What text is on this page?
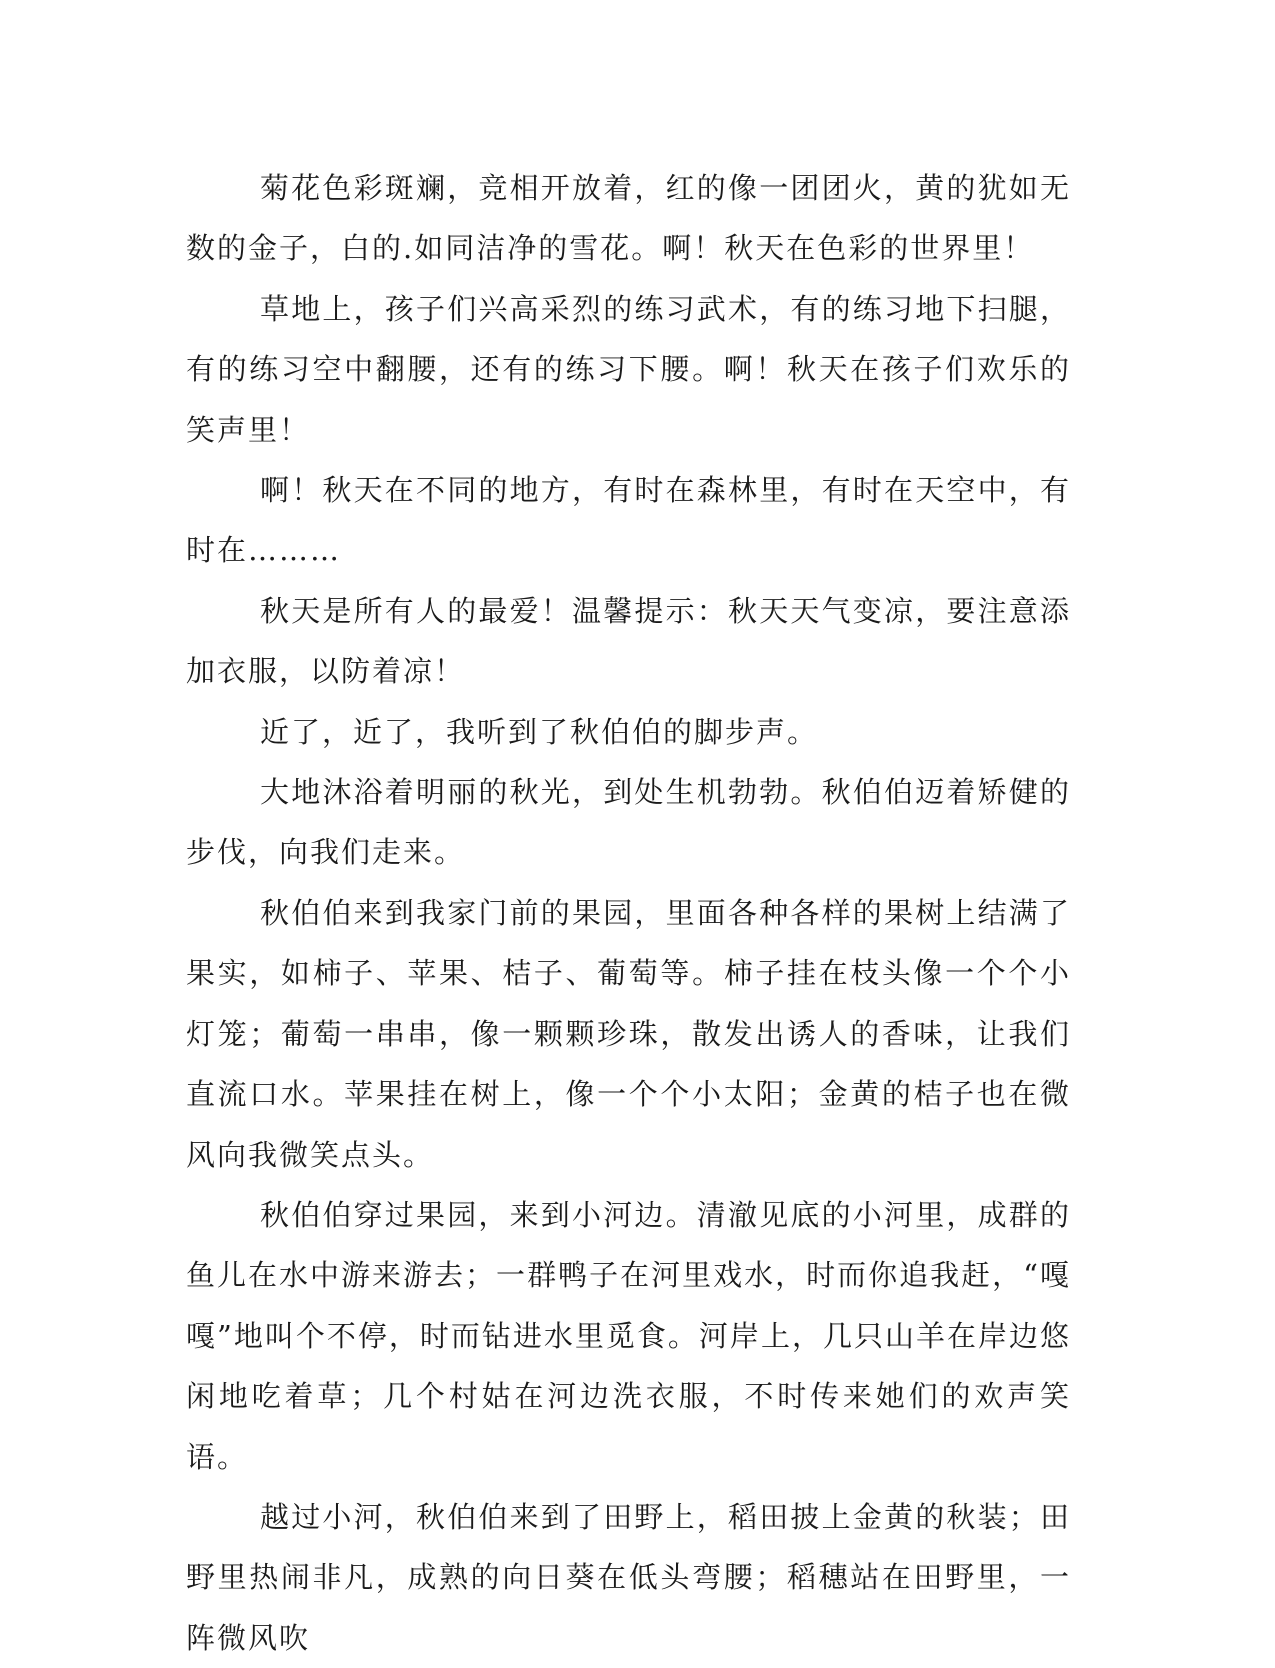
菊花色彩斑斓，竞相开放着，红的像一团团火，黄的犹如无数的金子，白的.如同洁净的雪花。啊！秋天在色彩的世界里！

草地上，孩子们兴高采烈的练习武术，有的练习地下扫腿，有的练习空中翻腰，还有的练习下腰。啊！秋天在孩子们欢乐的笑声里！

啊！秋天在不同的地方，有时在森林里，有时在天空中，有时在………

秋天是所有人的最爱！温馨提示：秋天天气变凉，要注意添加衣服，以防着凉！

近了，近了，我听到了秋伯伯的脚步声。

大地沐浴着明丽的秋光，到处生机勃勃。秋伯伯迈着矫健的步伐，向我们走来。

秋伯伯来到我家门前的果园，里面各种各样的果树上结满了果实，如柿子、苹果、桔子、葡萄等。柿子挂在枝头像一个个小灯笼；葡萄一串串，像一颗颗珍珠，散发出诱人的香味，让我们直流口水。苹果挂在树上，像一个个小太阳；金黄的桔子也在微风向我微笑点头。

秋伯伯穿过果园，来到小河边。清澈见底的小河里，成群的鱼儿在水中游来游去；一群鸭子在河里戏水，时而你追我赶，“嘎嘎”地叫个不停，时而钻进水里觅食。河岸上，几只山羊在岸边悠闲地吃着草；几个村姑在河边洗衣服，不时传来她们的欢声笑语。

越过小河，秋伯伯来到了田野上，稻田披上金黄的秋装；田野里热闹非凡，成熟的向日葵在低头弯腰；稻穗站在田野里，一阵微风吹
